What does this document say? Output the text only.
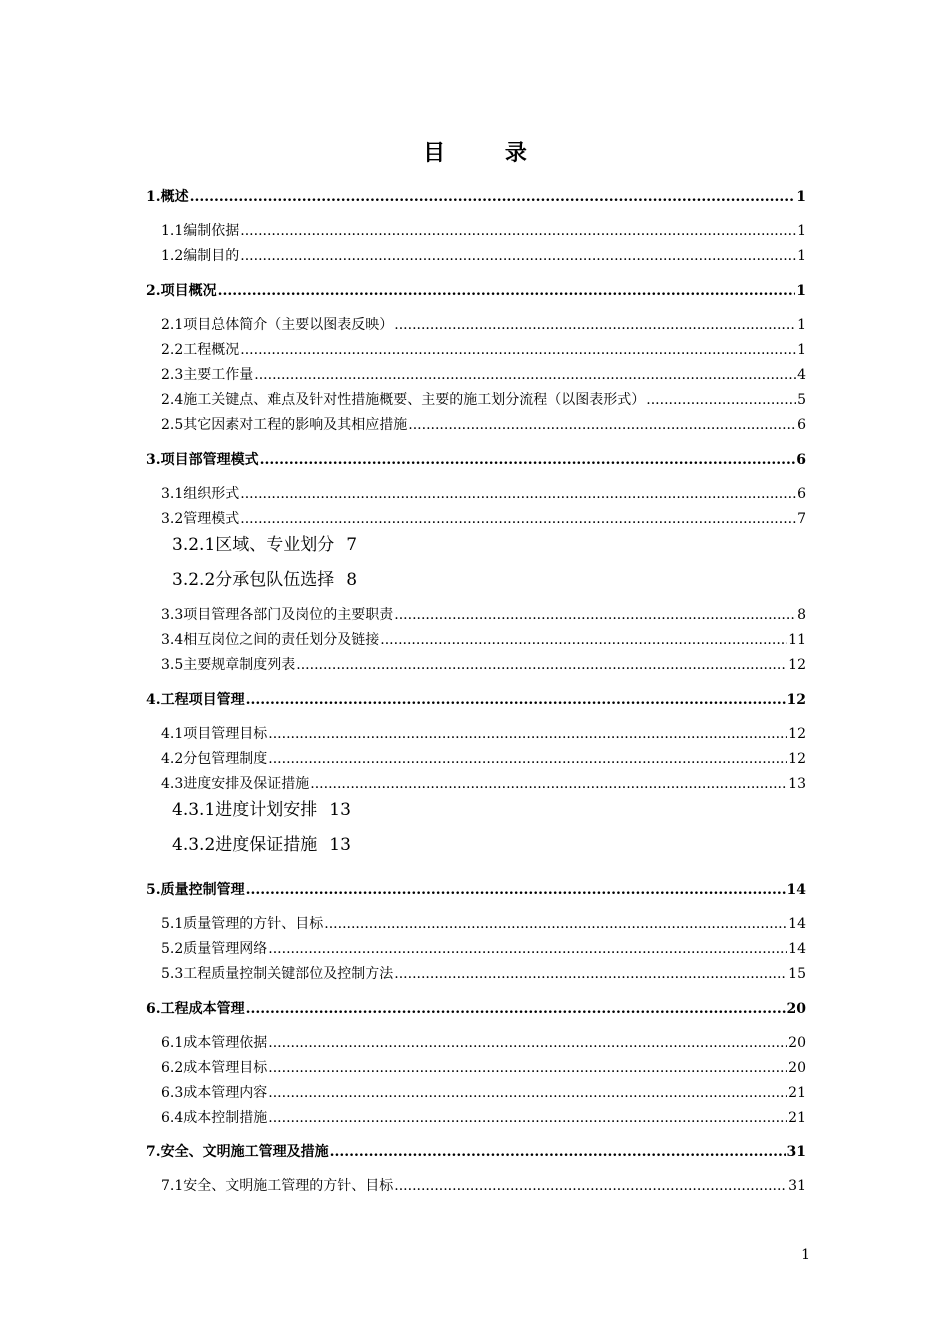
目 录
1. 概述 .....	1
1.1 编制依据 .....	1
1.2 编制目的 .....	1
2. 项目概况 .....	1
2.1 项目总体简介（主要以图表反映） .....	1
2.2 工程概况 .....	1
2.3 主要工作量 .....	4
2.4 施工关键点、难点及针对性措施概要、主要的施工划分流程（以图表形式） .....	5
2.5 其它因素对工程的影响及其相应措施 .....	6
3. 项目部管理模式 .....	6
3.1 组织形式 .....	6
3.2 管理模式 .....	7
3.2.1 区域、专业划分 7
3.2.2 分承包队伍选择 8
3.3 项目管理各部门及岗位的主要职责 .....	8
3.4 相互岗位之间的责任划分及链接 .....	11
3.5 主要规章制度列表 .....	12
4. 工程项目管理 .....	12
4.1 项目管理目标 .....	12
4.2 分包管理制度 .....	12
4.3 进度安排及保证措施 .....	13
4.3.1 进度计划安排 13
4.3.2 进度保证措施 13
5. 质量控制管理 .....	14
5.1 质量管理的方针、目标 .....	14
5.2 质量管理网络 .....	14
5.3 工程质量控制关键部位及控制方法 .....	15
6. 工程成本管理 .....	20
6.1 成本管理依据 .....	20
6.2 成本管理目标 .....	20
6.3 成本管理内容 .....	21
6.4 成本控制措施 .....	21
7. 安全、文明施工管理及措施 .....	31
7.1 安全、文明施工管理的方针、目标 .....	31
1
